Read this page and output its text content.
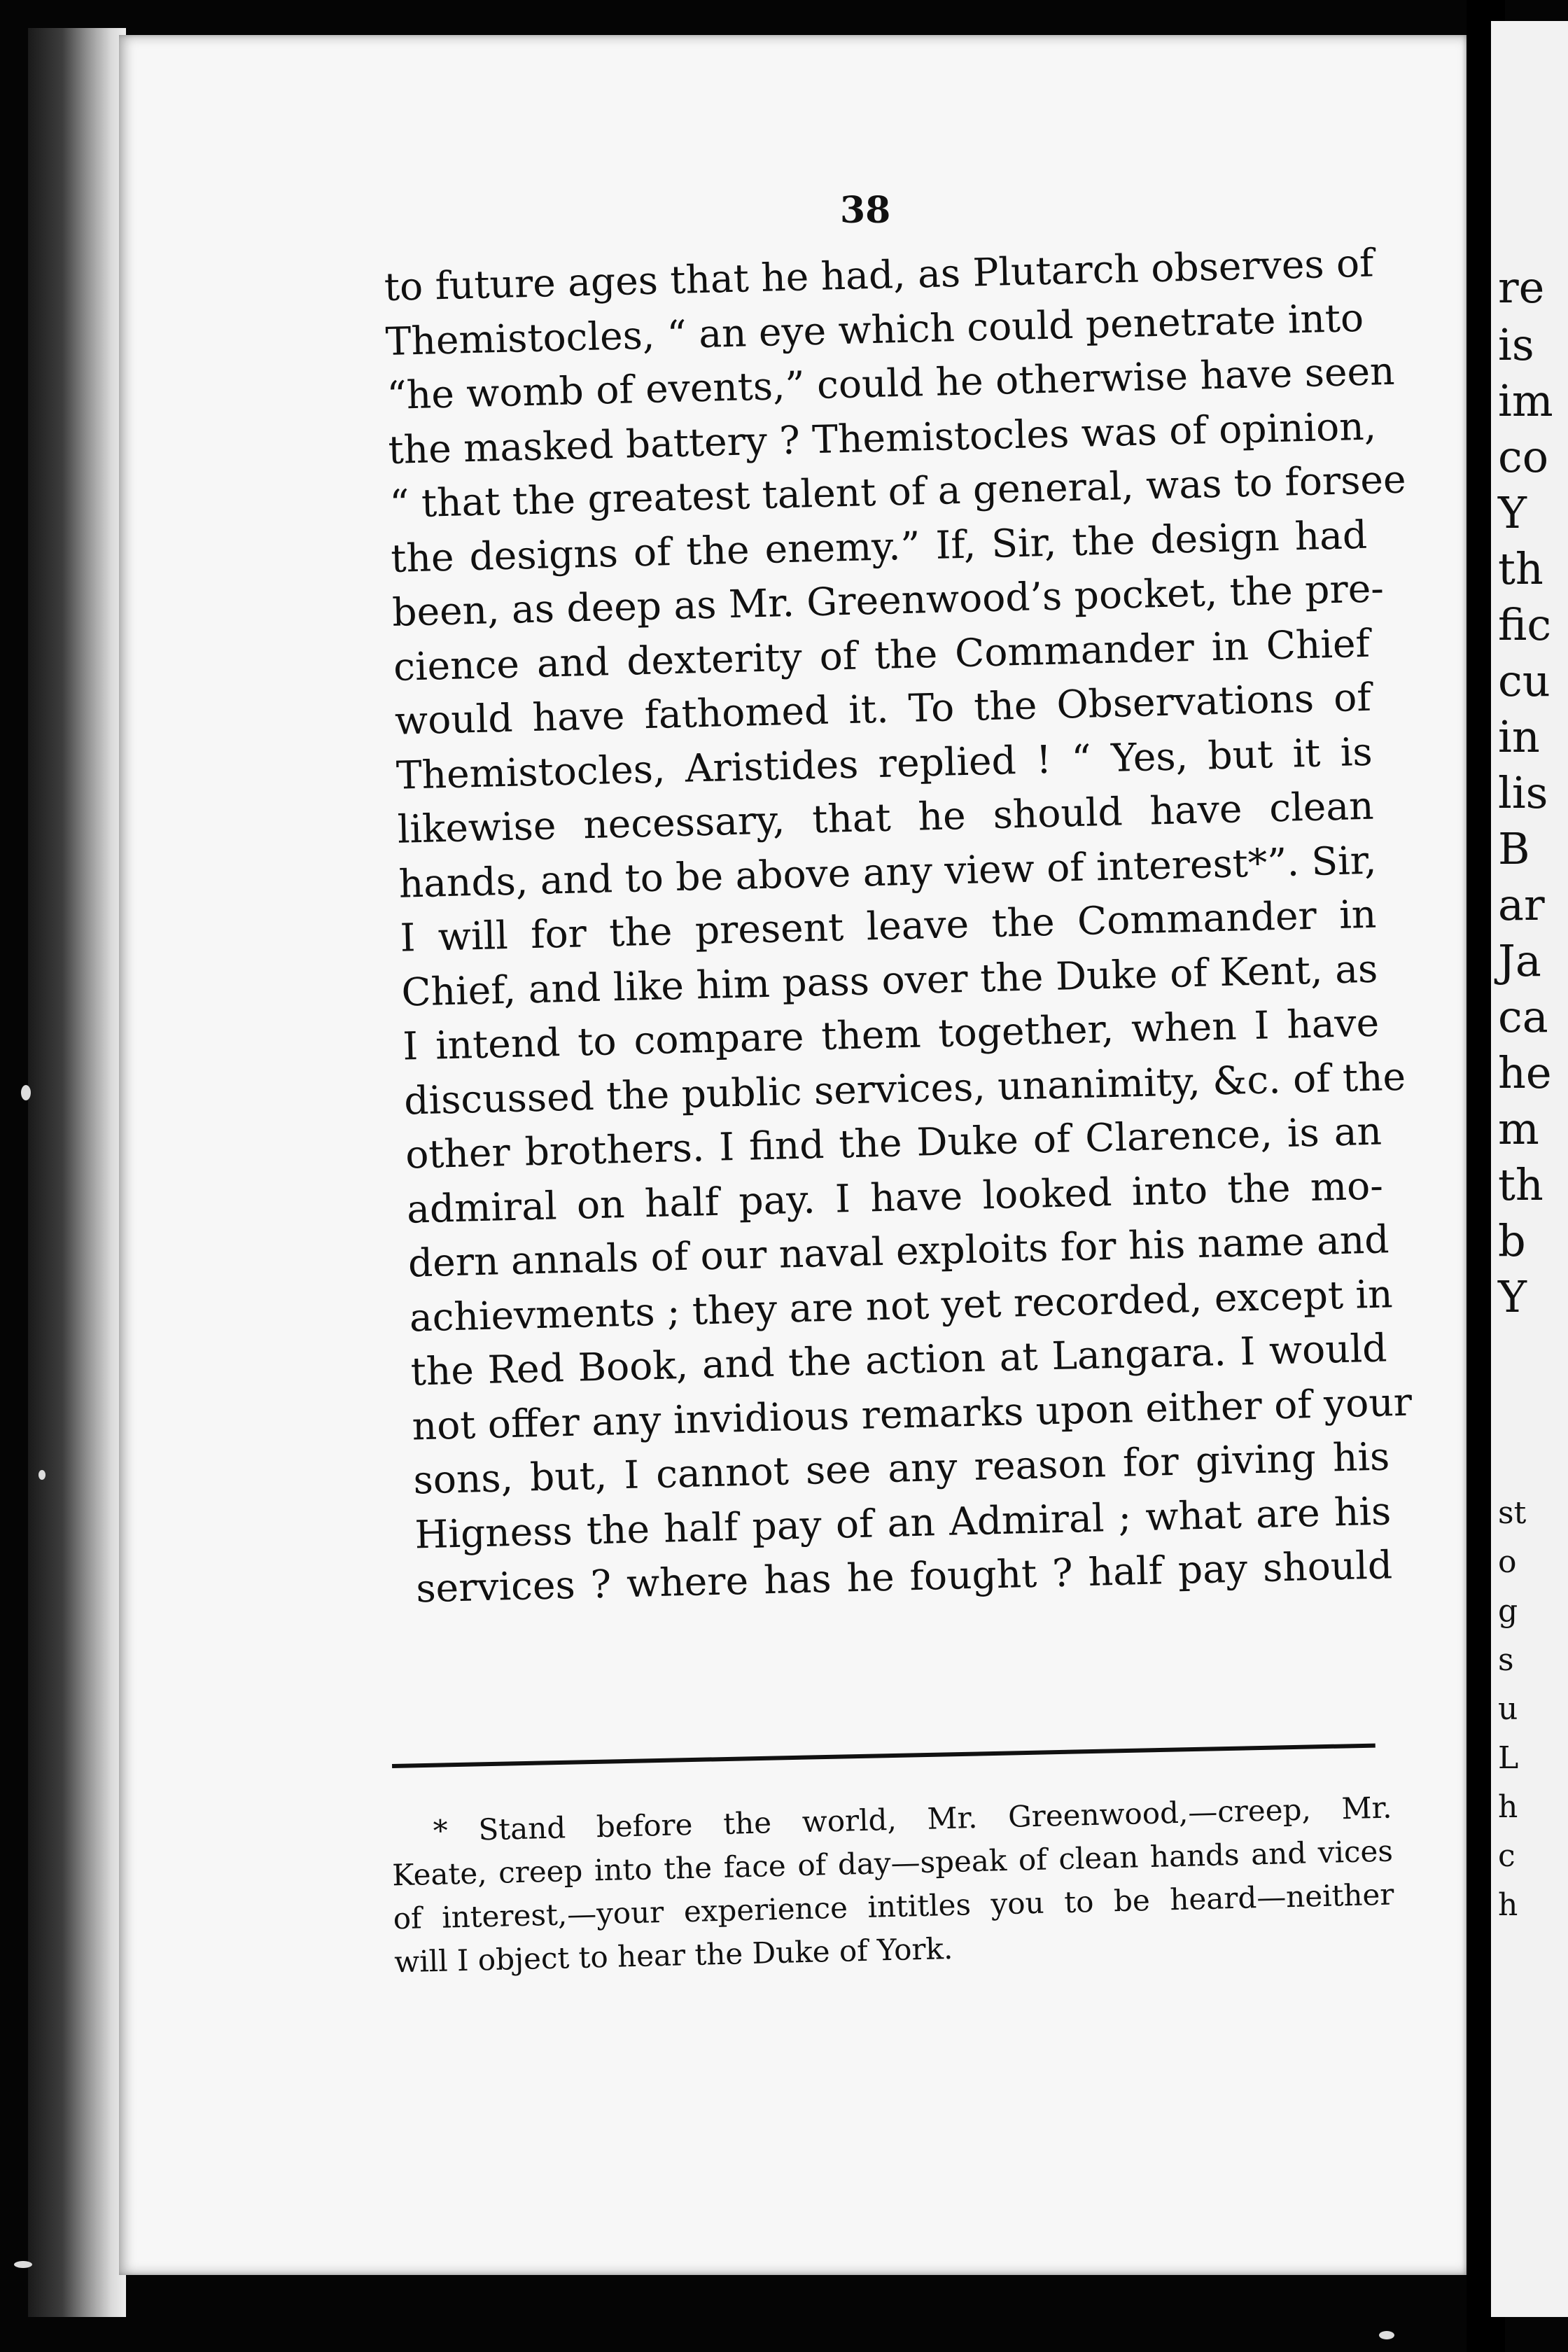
38
to future ages that he had, as Plutarch observes of
Themistocles, “ an eye which could penetrate into
“he womb of events,” could he otherwise have seen
the masked battery ? Themistocles was of opinion,
“ that the greatest talent of a general, was to forsee
the designs of the enemy.” If, Sir, the design had
been, as deep as Mr. Greenwood’s pocket, the pre-
cience and dexterity of the Commander in Chief
would have fathomed it. To the Observations of
Themistocles, Aristides replied ! “ Yes, but it is
likewise necessary, that he should have clean
hands, and to be above any view of interest*”. Sir,
I will for the present leave the Commander in
Chief, and like him pass over the Duke of Kent, as
I intend to compare them together, when I have
discussed the public services, unanimity, &c. of the
other brothers. I find the Duke of Clarence, is an
admiral on half pay. I have looked into the mo-
dern annals of our naval exploits for his name and
achievments ; they are not yet recorded, except in
the Red Book, and the action at Langara. I would
not offer any invidious remarks upon either of your
sons, but, I cannot see any reason for giving his
Higness the half pay of an Admiral ; what are his
services ? where has he fought ? half pay should
* Stand before the world, Mr. Greenwood,—creep, Mr.
Keate, creep into the face of day—speak of clean hands and vices
of interest,—your experience intitles you to be heard—neither
will I object to hear the Duke of York.
re
is
im
co
Y
th
fic
cu
in
lis
B
ar
Ja
ca
he
m
th
b
Y
st
o
g
s
u
L
h
c
h
